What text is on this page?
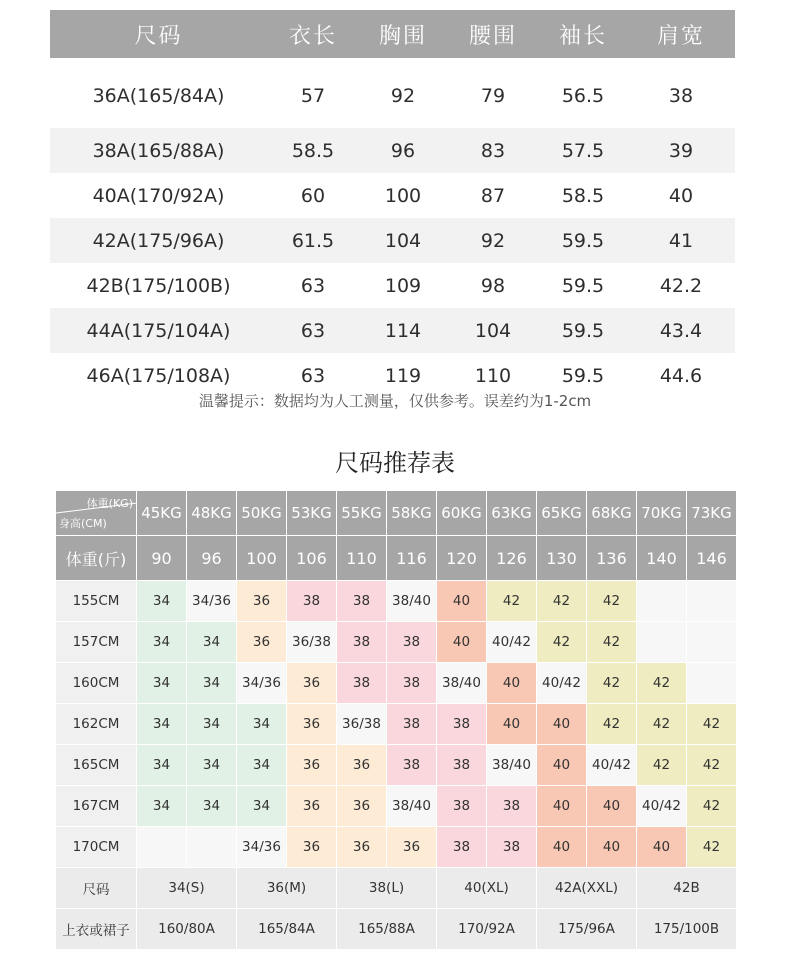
尺码	衣长	胸围	腰围	袖长	肩宽
36A(165/84A)	57	92	79	56.5	38
38A(165/88A)	58.5	96	83	57.5	39
40A(170/92A)	60	100	87	58.5	40
42A(175/96A)	61.5	104	92	59.5	41
42B(175/100B)	63	109	98	59.5	42.2
44A(175/104A)	63	114	104	59.5	43.4
46A(175/108A)	63	119	110	59.5	44.6
温馨提示：数据均为人工测量，仅供参考。误差约为1-2cm
尺码推荐表
体重(KG)
身高(CM)	45KG	48KG	50KG	53KG	55KG	58KG	60KG	63KG	65KG	68KG	70KG	73KG
体重(斤)	90	96	100	106	110	116	120	126	130	136	140	146
155CM	34	34/36	36	38	38	38/40	40	42	42	42		
157CM	34	34	36	36/38	38	38	40	40/42	42	42		
160CM	34	34	34/36	36	38	38	38/40	40	40/42	42	42	
162CM	34	34	34	36	36/38	38	38	40	40	42	42	42
165CM	34	34	34	36	36	38	38	38/40	40	40/42	42	42
167CM	34	34	34	36	36	38/40	38	38	40	40	40/42	42
170CM			34/36	36	36	36	38	38	40	40	40	42
尺码	34(S)		36(M)		38(L)		40(XL)		42A(XXL)		42B	
上衣或裙子	160/80A		165/84A		165/88A		170/92A		175/96A		175/100B	
